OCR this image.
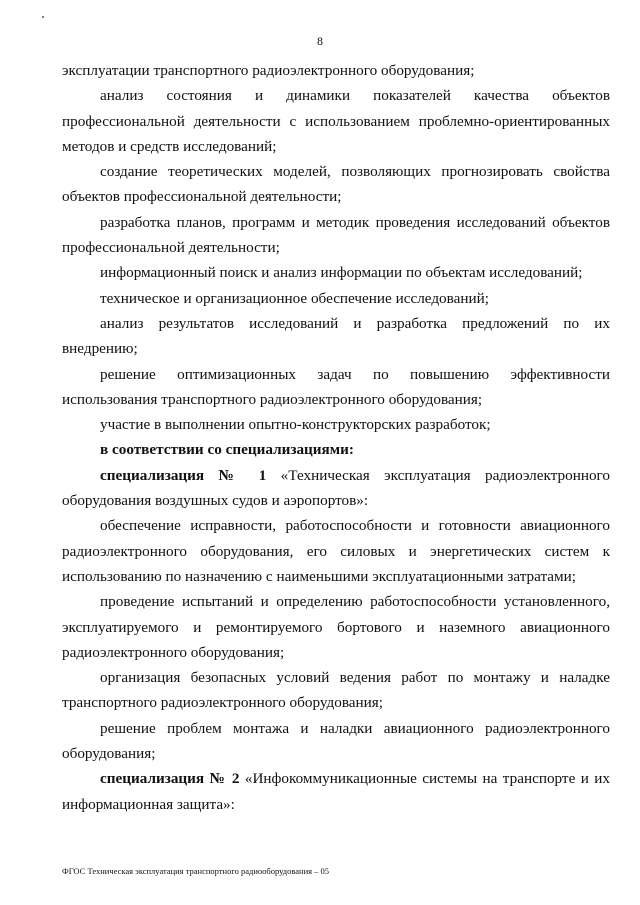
8

эксплуатации транспортного радиоэлектронного оборудования;

анализ состояния и динамики показателей качества объектов профессиональной деятельности с использованием проблемно-ориентированных методов и средств исследований;

создание теоретических моделей, позволяющих прогнозировать свойства объектов профессиональной деятельности;

разработка планов, программ и методик проведения исследований объектов профессиональной деятельности;

информационный поиск и анализ информации по объектам исследований;

техническое и организационное обеспечение исследований;

анализ результатов исследований и разработка предложений по их внедрению;

решение оптимизационных задач по повышению эффективности использования транспортного радиоэлектронного оборудования;

участие в выполнении опытно-конструкторских разработок;

в соответствии со специализациями:

специализация № 1 «Техническая эксплуатация радиоэлектронного оборудования воздушных судов и аэропортов»:

обеспечение исправности, работоспособности и готовности авиационного радиоэлектронного оборудования, его силовых и энергетических систем к использованию по назначению с наименьшими эксплуатационными затратами;

проведение испытаний и определению работоспособности установленного, эксплуатируемого и ремонтируемого бортового и наземного авиационного радиоэлектронного оборудования;

организация безопасных условий ведения работ по монтажу и наладке транспортного радиоэлектронного оборудования;

решение проблем монтажа и наладки авиационного радиоэлектронного оборудования;

специализация № 2 «Инфокоммуникационные системы на транспорте и их информационная защита»:

ФГОС Техническая эксплуатация транспортного радиооборудования – 05
